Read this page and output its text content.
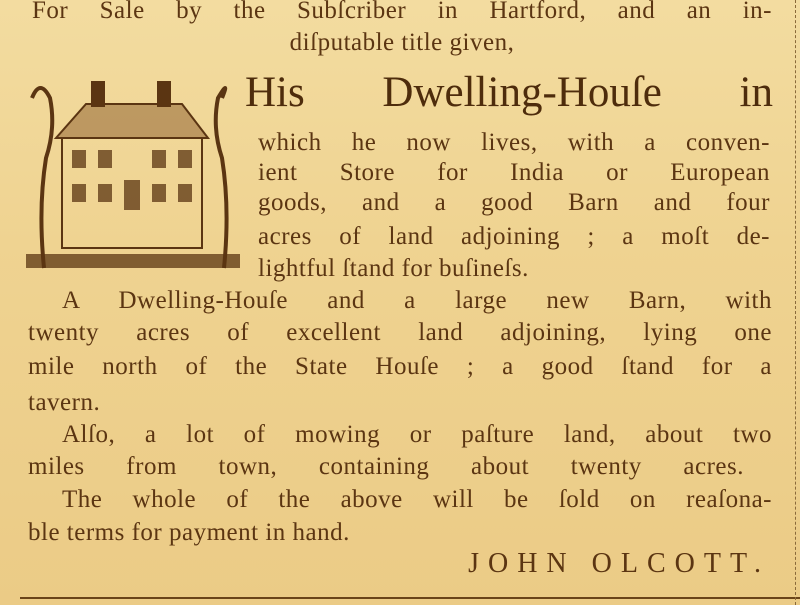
For Sale by the Subſcriber in Hartford, and an in-
diſputable title given,
His Dwelling-Houſe in
which he now lives, with a conven-
ient Store for India or European
goods, and a good Barn and four
acres of land adjoining ; a moſt de-
lightful ſtand for buſineſs.
A Dwelling-Houſe and a large new Barn, with
twenty acres of excellent land adjoining, lying one
mile north of the State Houſe ; a good ſtand for a
tavern.
Alſo, a lot of mowing or paſture land, about two
miles from town, containing about twenty acres.
The whole of the above will be ſold on reaſona-
ble terms for payment in hand.
JOHN OLCOTT.
